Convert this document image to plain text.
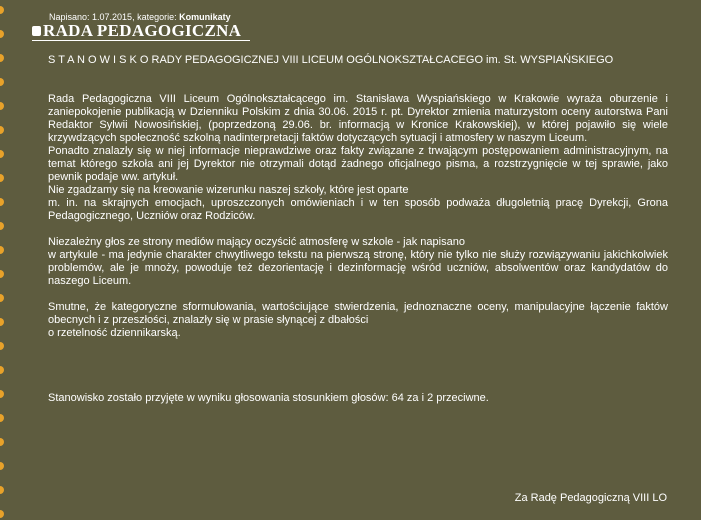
Napisano: 1.07.2015, kategorie: Komunikaty
RADA PEDAGOGICZNA

S T A N O W I S K O RADY PEDAGOGICZNEJ VIII LICEUM OGÓLNOKSZTAŁCACEGO im. St. WYSPIAŃSKIEGO

Rada Pedagogiczna VIII Liceum Ogólnokształcącego im. Stanisława Wyspiańskiego w Krakowie wyraża oburzenie i zaniepokojenie publikacją w Dzienniku Polskim z dnia 30.06. 2015 r. pt. Dyrektor zmienia maturzystom oceny autorstwa Pani Redaktor Sylwii Nowosińskiej, (poprzedzoną 29.06. br. informacją w Kronice Krakowskiej), w której pojawiło się wiele krzywdzących społeczność szkolną nadinterpretacji faktów dotyczących sytuacji i atmosfery w naszym Liceum.

Ponadto znalazły się w niej informacje nieprawdziwe oraz fakty związane z trwającym postępowaniem administracyjnym, na temat którego szkoła ani jej Dyrektor nie otrzymali dotąd żadnego oficjalnego pisma, a rozstrzygnięcie w tej sprawie, jako pewnik podaje ww. artykuł.

Nie zgadzamy się na kreowanie wizerunku naszej szkoły, które jest oparte

m. in. na skrajnych emocjach, uproszczonych omówieniach i w ten sposób podważa długoletnią pracę Dyrekcji, Grona Pedagogicznego, Uczniów oraz Rodziców.

Niezależny głos ze strony mediów mający oczyścić atmosferę w szkole - jak napisano

w artykule - ma jedynie charakter chwytliwego tekstu na pierwszą stronę, który nie tylko nie służy rozwiązywaniu jakichkolwiek problemów, ale je mnoży, powoduje też dezorientację i dezinformację wśród uczniów, absolwentów oraz kandydatów do naszego Liceum.

Smutne, że kategoryczne sformułowania, wartościujące stwierdzenia, jednoznaczne oceny, manipulacyjne łączenie faktów obecnych i z przeszłości, znalazły się w prasie słynącej z dbałości

o rzetelność dziennikarską.

Stanowisko zostało przyjęte w wyniku głosowania stosunkiem głosów: 64 za i 2 przeciwne.

Za Radę Pedagogiczną VIII LO
